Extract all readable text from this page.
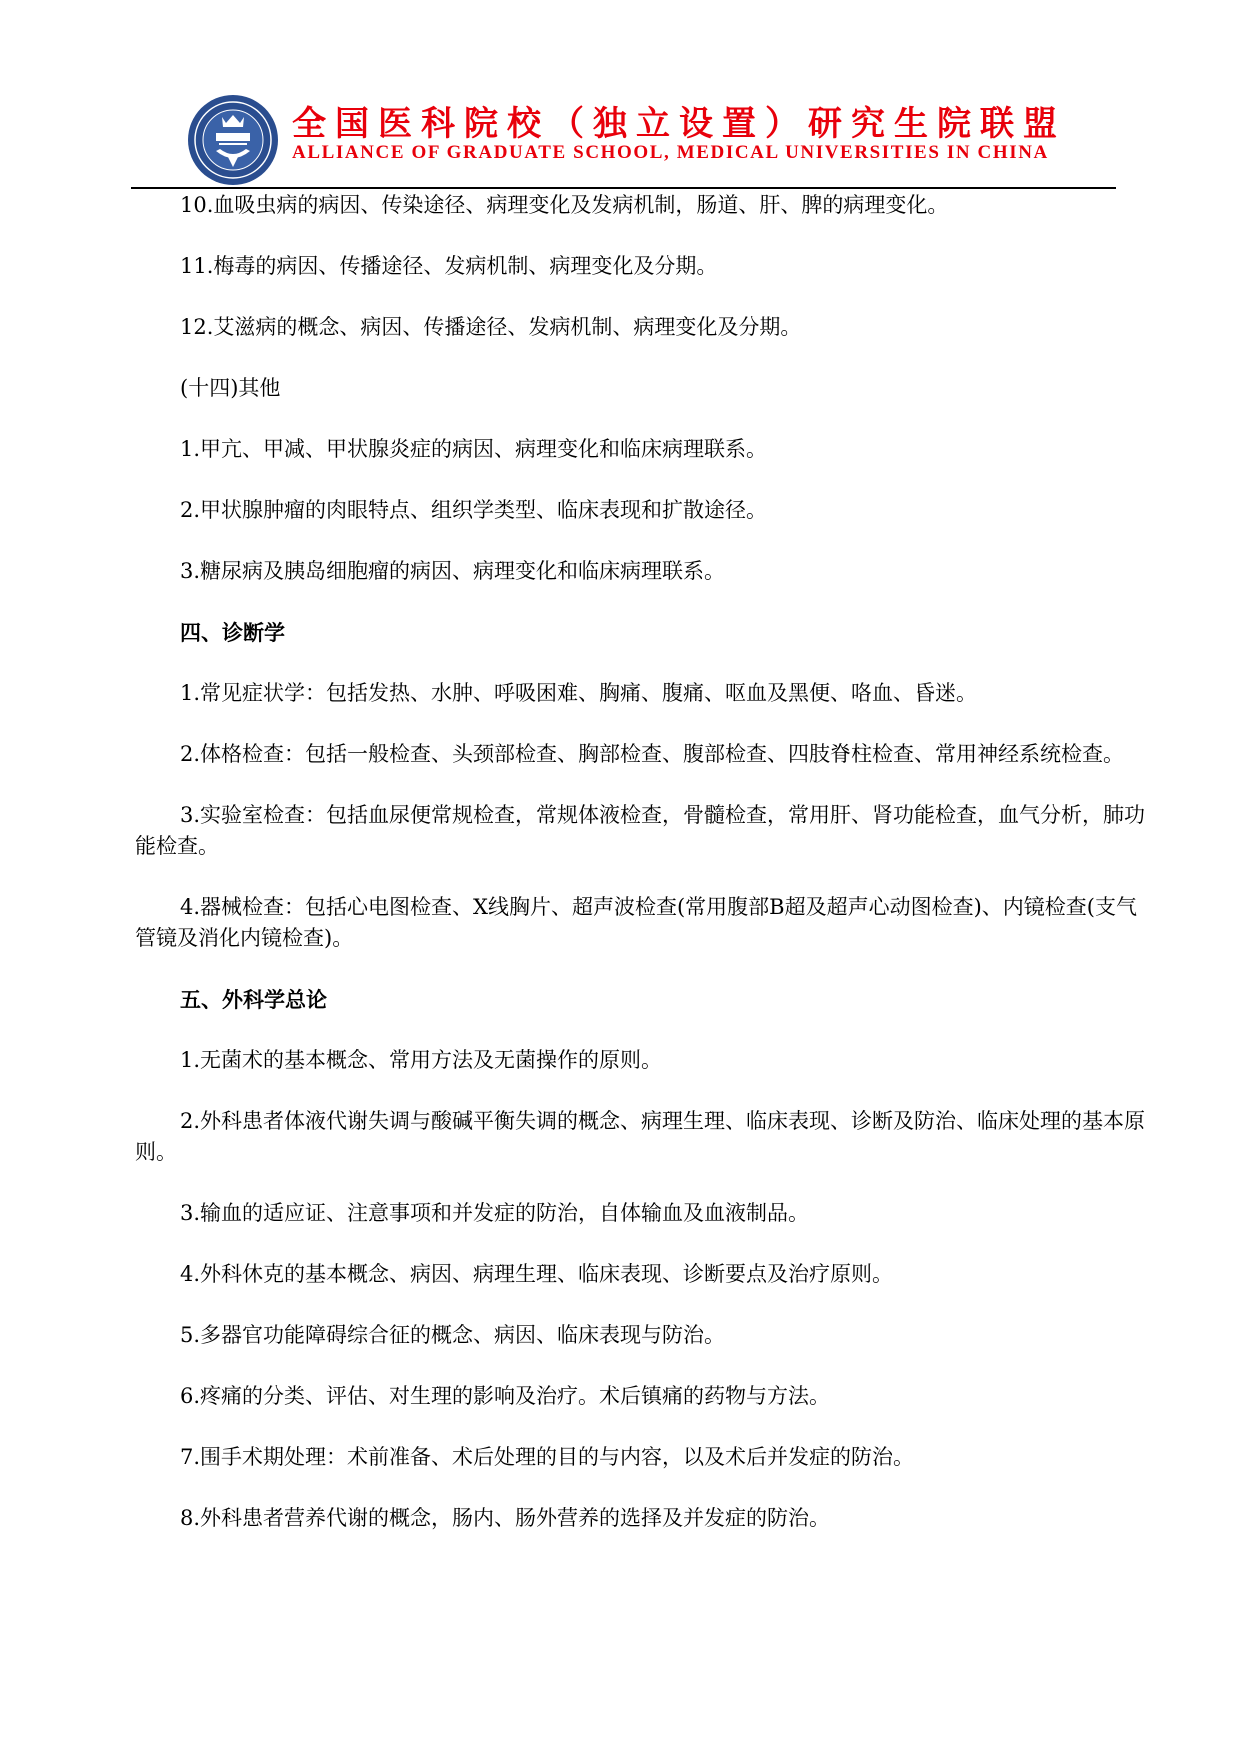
全国医科院校（独立设置）研究生院联盟
ALLIANCE OF GRADUATE SCHOOL, MEDICAL UNIVERSITIES IN CHINA

10.血吸虫病的病因、传染途径、病理变化及发病机制，肠道、肝、脾的病理变化。

11.梅毒的病因、传播途径、发病机制、病理变化及分期。

12.艾滋病的概念、病因、传播途径、发病机制、病理变化及分期。

(十四)其他

1.甲亢、甲减、甲状腺炎症的病因、病理变化和临床病理联系。

2.甲状腺肿瘤的肉眼特点、组织学类型、临床表现和扩散途径。

3.糖尿病及胰岛细胞瘤的病因、病理变化和临床病理联系。

四、诊断学

1.常见症状学：包括发热、水肿、呼吸困难、胸痛、腹痛、呕血及黑便、咯血、昏迷。

2.体格检查：包括一般检查、头颈部检查、胸部检查、腹部检查、四肢脊柱检查、常用神经系统检查。

3.实验室检查：包括血尿便常规检查，常规体液检查，骨髓检查，常用肝、肾功能检查，血气分析，肺功能检查。

4.器械检查：包括心电图检查、X线胸片、超声波检查(常用腹部B超及超声心动图检查)、内镜检查(支气管镜及消化内镜检查)。

五、外科学总论

1.无菌术的基本概念、常用方法及无菌操作的原则。

2.外科患者体液代谢失调与酸碱平衡失调的概念、病理生理、临床表现、诊断及防治、临床处理的基本原则。

3.输血的适应证、注意事项和并发症的防治，自体输血及血液制品。

4.外科休克的基本概念、病因、病理生理、临床表现、诊断要点及治疗原则。

5.多器官功能障碍综合征的概念、病因、临床表现与防治。

6.疼痛的分类、评估、对生理的影响及治疗。术后镇痛的药物与方法。

7.围手术期处理：术前准备、术后处理的目的与内容，以及术后并发症的防治。

8.外科患者营养代谢的概念，肠内、肠外营养的选择及并发症的防治。
